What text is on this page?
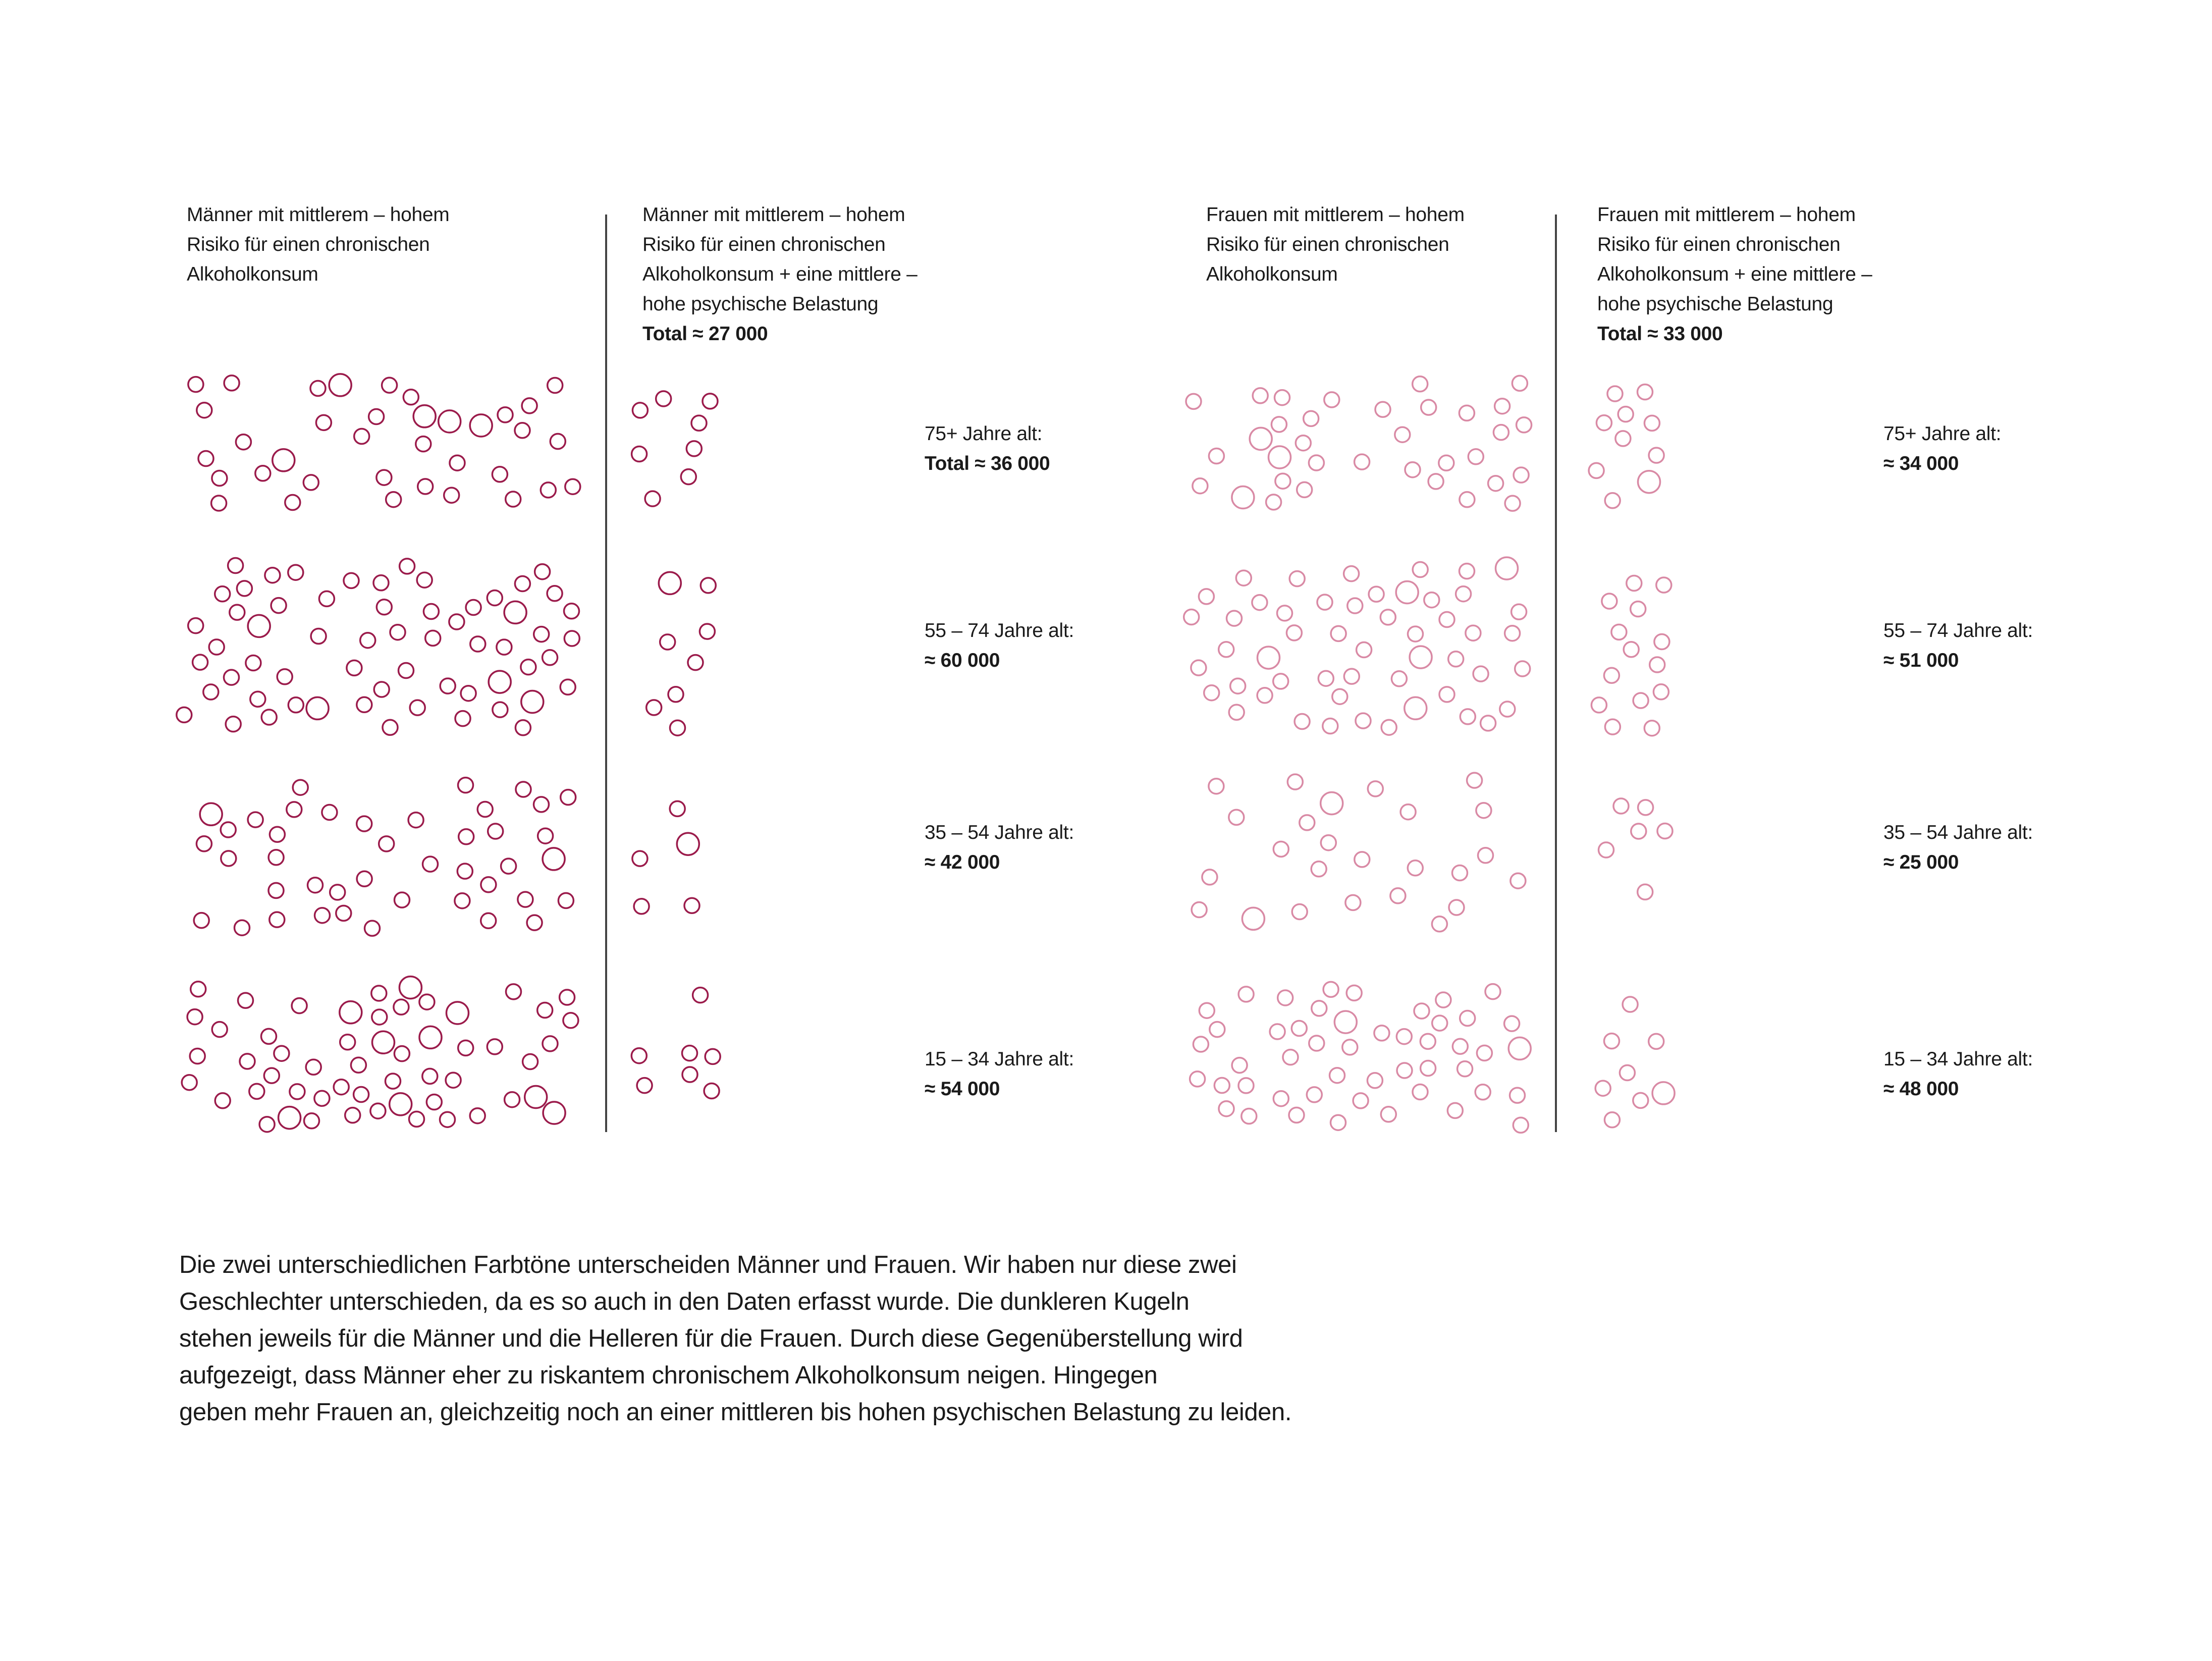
Männer mit mittlerem – hohem
Risiko für einen chronischen
Alkoholkonsum
Männer mit mittlerem – hohem
Risiko für einen chronischen
Alkoholkonsum + eine mittlere –
hohe psychische Belastung
Total ≈ 27 000
Frauen mit mittlerem – hohem
Risiko für einen chronischen
Alkoholkonsum
Frauen mit mittlerem – hohem
Risiko für einen chronischen
Alkoholkonsum + eine mittlere –
hohe psychische Belastung
Total ≈ 33 000
75+ Jahre alt:
Total ≈ 36 000
55 – 74 Jahre alt:
≈ 60 000
35 – 54 Jahre alt:
≈ 42 000
15 – 34 Jahre alt:
≈ 54 000
75+ Jahre alt:
≈ 34 000
55 – 74 Jahre alt:
≈ 51 000
35 – 54 Jahre alt:
≈ 25 000
15 – 34 Jahre alt:
≈ 48 000
Die zwei unterschiedlichen Farbtöne unterscheiden Männer und Frauen. Wir haben nur diese zwei
Geschlechter unterschieden, da es so auch in den Daten erfasst wurde. Die dunkleren Kugeln
stehen jeweils für die Männer und die Helleren für die Frauen. Durch diese Gegenüberstellung wird
aufgezeigt, dass Männer eher zu riskantem chronischem Alkoholkonsum neigen. Hingegen
geben mehr Frauen an, gleichzeitig noch an einer mittleren bis hohen psychischen Belastung zu leiden.
